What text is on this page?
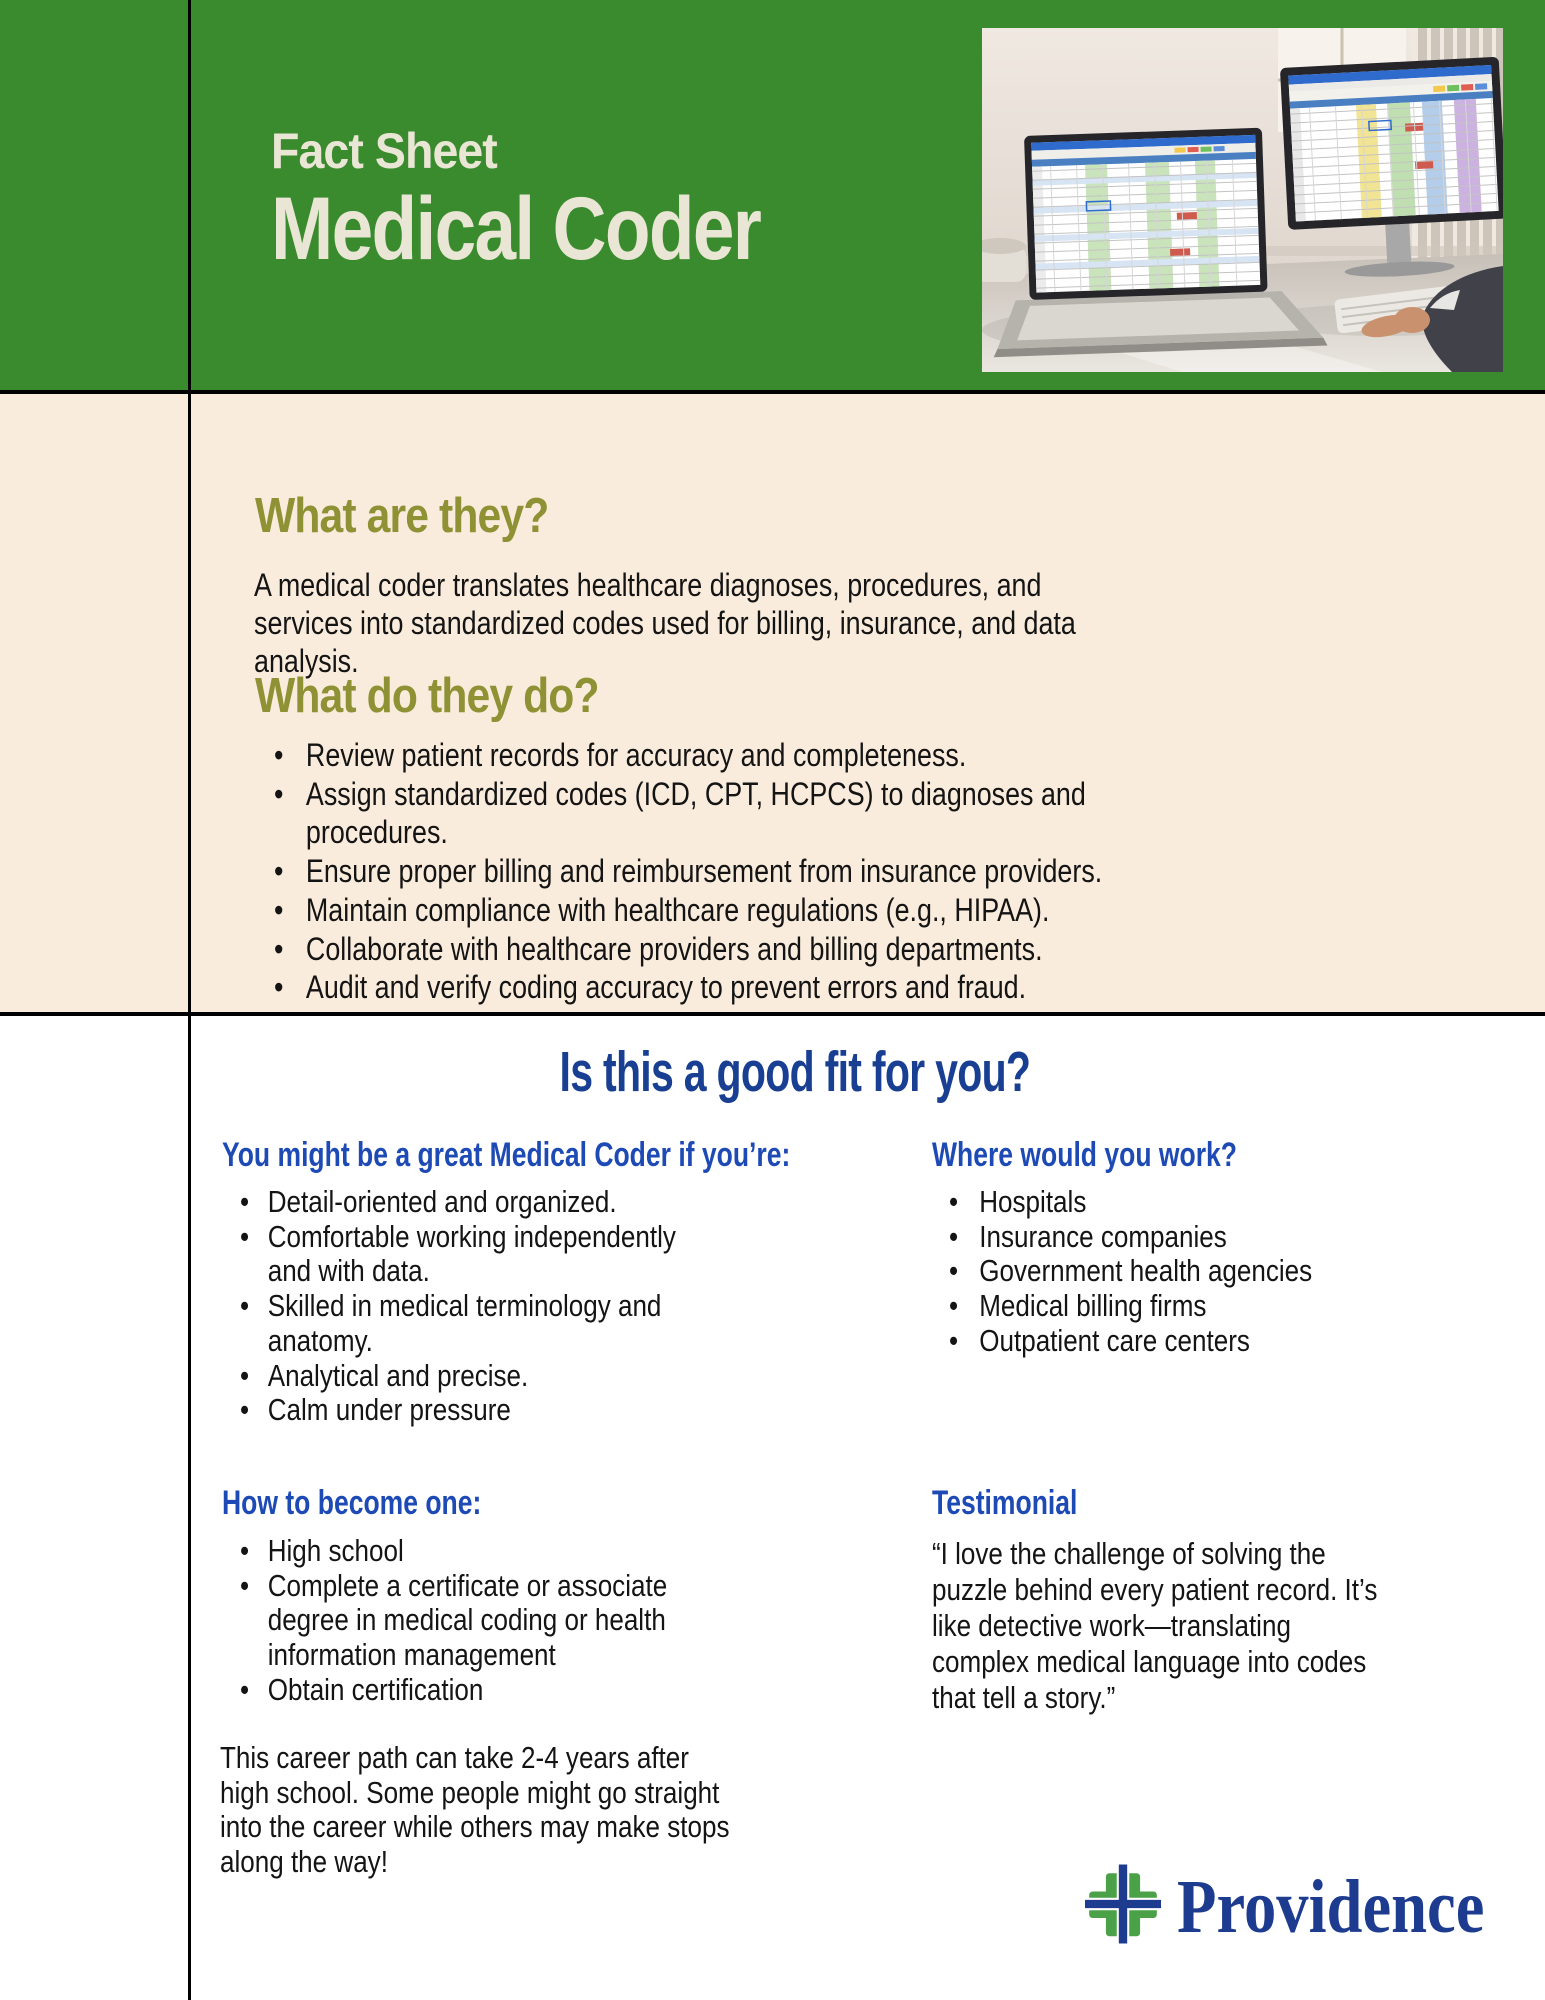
Fact Sheet
Medical Coder
What are they?
A medical coder translates healthcare diagnoses, procedures, and
services into standardized codes used for billing, insurance, and data
analysis.
What do they do?
• Review patient records for accuracy and completeness.
• Assign standardized codes (ICD, CPT, HCPCS) to diagnoses and
procedures.
• Ensure proper billing and reimbursement from insurance providers.
• Maintain compliance with healthcare regulations (e.g., HIPAA).
• Collaborate with healthcare providers and billing departments.
• Audit and verify coding accuracy to prevent errors and fraud.
Is this a good fit for you?
You might be a great Medical Coder if you’re:
• Detail-oriented and organized.
• Comfortable working independently
and with data.
• Skilled in medical terminology and
anatomy.
• Analytical and precise.
• Calm under pressure
Where would you work?
• Hospitals
• Insurance companies
• Government health agencies
• Medical billing firms
• Outpatient care centers
How to become one:
• High school
• Complete a certificate or associate
degree in medical coding or health
information management
• Obtain certification
Testimonial
“I love the challenge of solving the
puzzle behind every patient record. It’s
like detective work—translating
complex medical language into codes
that tell a story.”
This career path can take 2-4 years after
high school. Some people might go straight
into the career while others may make stops
along the way!
Providence
